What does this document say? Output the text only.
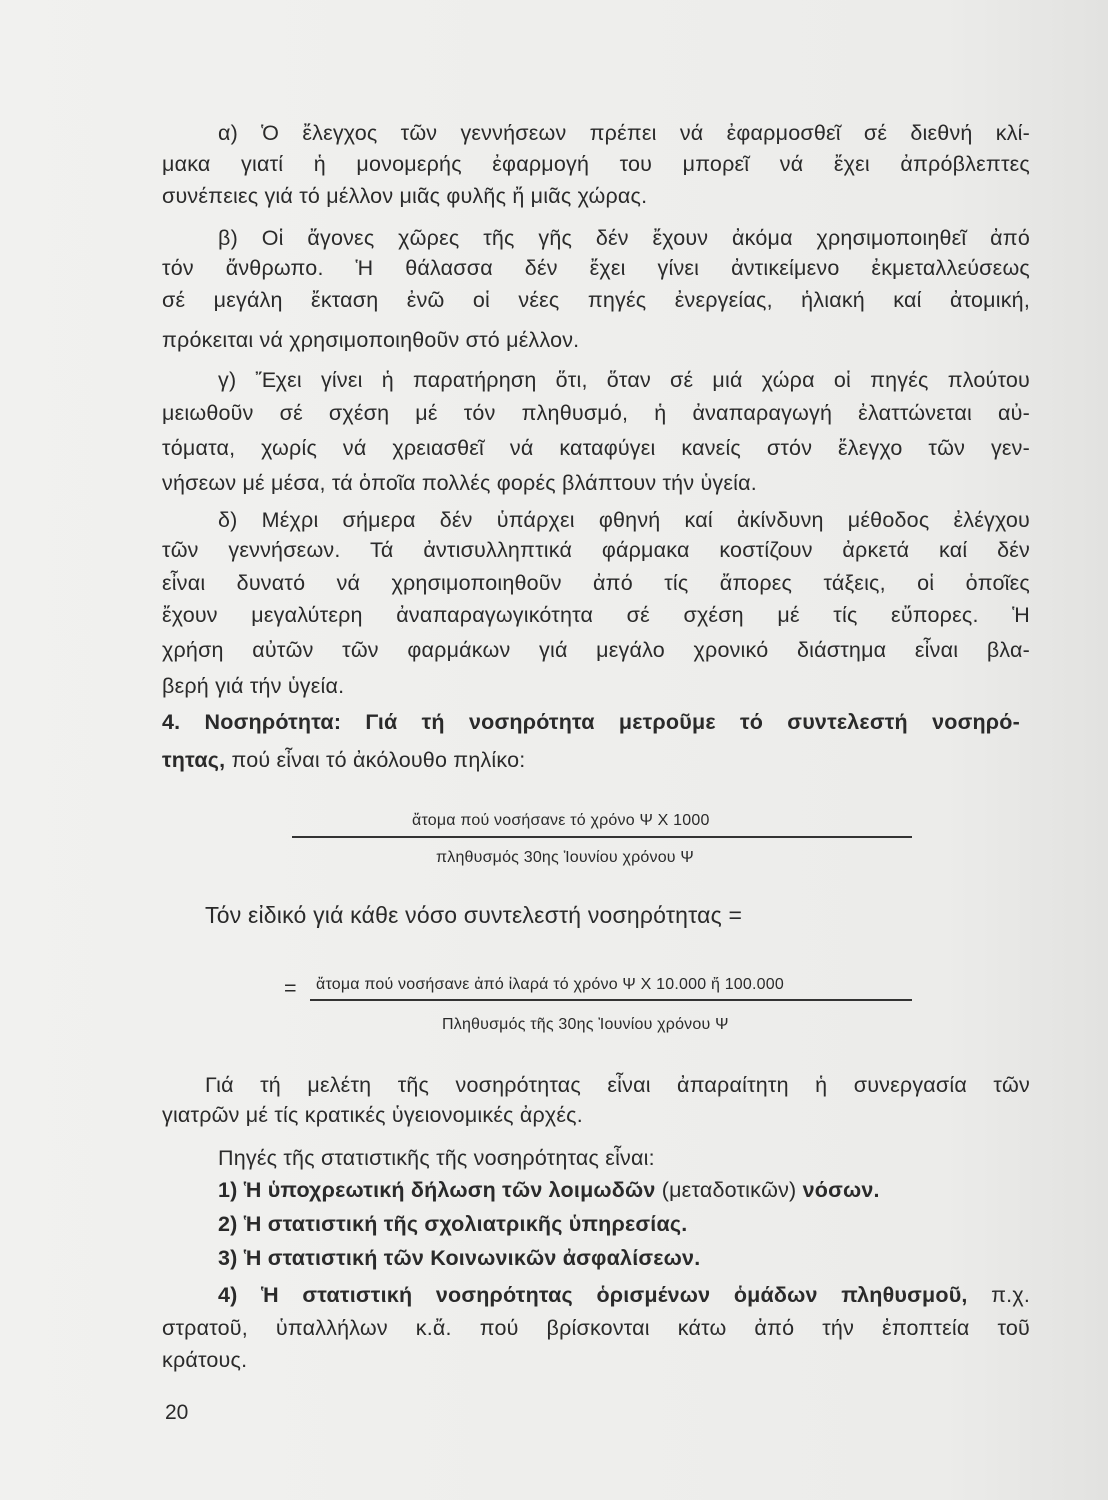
ἄτομα πού νοσήσανε τό χρόνο Ψ Χ 1000
πληθυσμός 30ης Ἰουνίου χρόνου Ψ
= ἄτομα πού νοσήσανε ἀπό ἰλαρά τό χρόνο Ψ Χ 10.000 ἤ 100.000
Πληθυσμός τῆς 30ης Ἰουνίου χρόνου Ψ
20
α) Ὁ ἔλεγχος τῶν γεννήσεων πρέπει νά ἐφαρμοσθεῖ σέ διεθνή κλί-
μακα γιατί ἡ μονομερής ἐφαρμογή του μπορεῖ νά ἔχει ἀπρόβλεπτες
συνέπειες γιά τό μέλλον μιᾶς φυλῆς ἤ μιᾶς χώρας.
β) Οἱ ἄγονες χῶρες τῆς γῆς δέν ἔχουν ἀκόμα χρησιμοποιηθεῖ ἀπό
τόν ἄνθρωπο. Ἡ θάλασσα δέν ἔχει γίνει ἀντικείμενο ἐκμεταλλεύσεως
σέ μεγάλη ἔκταση ἐνῶ οἱ νέες πηγές ἐνεργείας, ἡλιακή καί ἀτομική,
πρόκειται νά χρησιμοποιηθοῦν στό μέλλον.
γ) Ἔχει γίνει ἡ παρατήρηση ὅτι, ὅταν σέ μιά χώρα οἱ πηγές πλούτου
μειωθοῦν σέ σχέση μέ τόν πληθυσμό, ἡ ἀναπαραγωγή ἐλαττώνεται αὐ-
τόματα, χωρίς νά χρειασθεῖ νά καταφύγει κανείς στόν ἔλεγχο τῶν γεν-
νήσεων μέ μέσα, τά ὁποῖα πολλές φορές βλάπτουν τήν ὑγεία.
δ) Μέχρι σήμερα δέν ὑπάρχει φθηνή καί ἀκίνδυνη μέθοδος ἐλέγχου
τῶν γεννήσεων. Τά ἀντισυλληπτικά φάρμακα κοστίζουν ἀρκετά καί δέν
εἶναι δυνατό νά χρησιμοποιηθοῦν ἀπό τίς ἄπορες τάξεις, οἱ ὁποῖες
ἔχουν μεγαλύτερη ἀναπαραγωγικότητα σέ σχέση μέ τίς εὔπορες. Ἡ
χρήση αὐτῶν τῶν φαρμάκων γιά μεγάλο χρονικό διάστημα εἶναι βλα-
βερή γιά τήν ὑγεία.
4. Νοσηρότητα: Γιά τή νοσηρότητα μετροῦμε τό συντελεστή νοσηρό-
τητας, πού εἶναι τό ἀκόλουθο πηλίκο:
Τόν εἰδικό γιά κάθε νόσο συντελεστή νοσηρότητας =
Γιά τή μελέτη τῆς νοσηρότητας εἶναι ἀπαραίτητη ἡ συνεργασία τῶν
γιατρῶν μέ τίς κρατικές ὑγειονομικές ἀρχές.
Πηγές τῆς στατιστικῆς τῆς νοσηρότητας εἶναι:
1) Ἡ ὑποχρεωτική δήλωση τῶν λοιμωδῶν (μεταδοτικῶν) νόσων.
2) Ἡ στατιστική τῆς σχολιατρικῆς ὑπηρεσίας.
3) Ἡ στατιστική τῶν Κοινωνικῶν ἀσφαλίσεων.
4) Ἡ στατιστική νοσηρότητας ὁρισμένων ὁμάδων πληθυσμοῦ, π.χ.
στρατοῦ, ὑπαλλήλων κ.ἄ. πού βρίσκονται κάτω ἀπό τήν ἐποπτεία τοῦ
κράτους.
